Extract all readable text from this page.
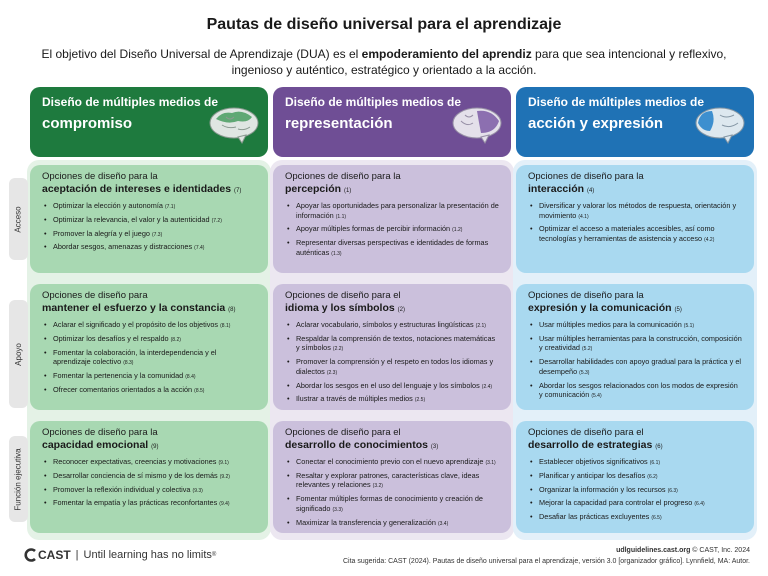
Pautas de diseño universal para el aprendizaje
El objetivo del Diseño Universal de Aprendizaje (DUA) es el empoderamiento del aprendiz para que sea intencional y reflexivo, ingenioso y auténtico, estratégico y orientado a la acción.
Diseño de múltiples medios de
compromiso
Diseño de múltiples medios de
representación
Diseño de múltiples medios de
acción y expresión
Acceso
Apoyo
Función ejecutiva
Opciones de diseño para la
aceptación de intereses e identidades (7)
• Optimizar la elección y autonomía (7.1)
• Optimizar la relevancia, el valor y la autenticidad (7.2)
• Promover la alegría y el juego (7.3)
• Abordar sesgos, amenazas y distracciones (7.4)
Opciones de diseño para la
percepción (1)
• Apoyar las oportunidades para personalizar la presentación de información (1.1)
• Apoyar múltiples formas de percibir información (1.2)
• Representar diversas perspectivas e identidades de formas auténticas (1.3)
Opciones de diseño para la
interacción (4)
• Diversificar y valorar los métodos de respuesta, orientación y movimiento (4.1)
• Optimizar el acceso a materiales accesibles, así como tecnologías y herramientas de asistencia y acceso (4.2)
Opciones de diseño para
mantener el esfuerzo y la constancia (8)
• Aclarar el significado y el propósito de los objetivos (8.1)
• Optimizar los desafíos y el respaldo (8.2)
• Fomentar la colaboración, la interdependencia y el aprendizaje colectivo (8.3)
• Fomentar la pertenencia y la comunidad (8.4)
• Ofrecer comentarios orientados a la acción (8.5)
Opciones de diseño para el
idioma y los símbolos (2)
• Aclarar vocabulario, símbolos y estructuras lingüísticas (2.1)
• Respaldar la comprensión de textos, notaciones matemáticas y símbolos (2.2)
• Promover la comprensión y el respeto en todos los idiomas y dialectos (2.3)
• Abordar los sesgos en el uso del lenguaje y los símbolos (2.4)
• Ilustrar a través de múltiples medios (2.5)
Opciones de diseño para la
expresión y la comunicación (5)
• Usar múltiples medios para la comunicación (5.1)
• Usar múltiples herramientas para la construcción, composición y creatividad (5.2)
• Desarrollar habilidades con apoyo gradual para la práctica y el desempeño (5.3)
• Abordar los sesgos relacionados con los modos de expresión y comunicación (5.4)
Opciones de diseño para la
capacidad emocional (9)
• Reconocer expectativas, creencias y motivaciones (9.1)
• Desarrollar conciencia de sí mismo y de los demás (9.2)
• Promover la reflexión individual y colectiva (9.3)
• Fomentar la empatía y las prácticas reconfortantes (9.4)
Opciones de diseño para el
desarrollo de conocimientos (3)
• Conectar el conocimiento previo con el nuevo aprendizaje (3.1)
• Resaltar y explorar patrones, características clave, ideas relevantes y relaciones (3.2)
• Fomentar múltiples formas de conocimiento y creación de significado (3.3)
• Maximizar la transferencia y generalización (3.4)
Opciones de diseño para el
desarrollo de estrategias (6)
• Establecer objetivos significativos (6.1)
• Planificar y anticipar los desafíos (6.2)
• Organizar la información y los recursos (6.3)
• Mejorar la capacidad para controlar el progreso (6.4)
• Desafiar las prácticas excluyentes (6.5)
CAST | Until learning has no limits ®
udlguidelines.cast.org © CAST, Inc. 2024
Cita sugerida: CAST (2024). Pautas de diseño universal para el aprendizaje, versión 3.0 [organizador gráfico]. Lynnfield, MA: Autor.
